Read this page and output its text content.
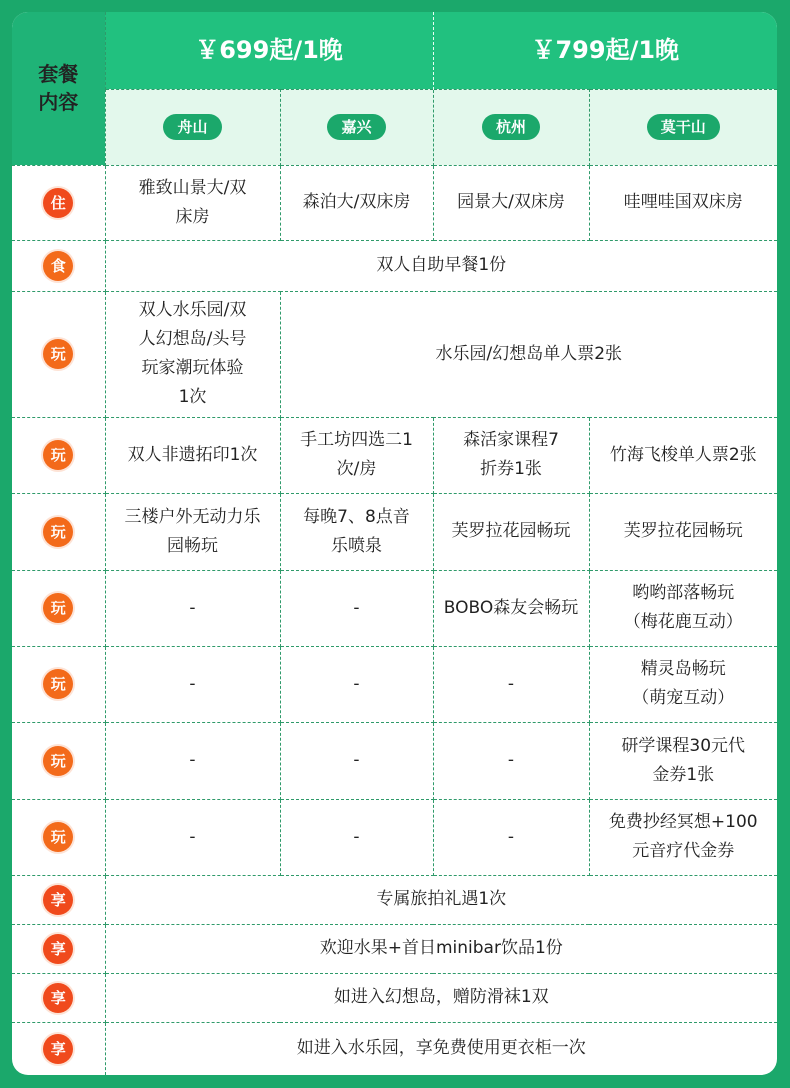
套餐内容	￥699起/1晚		￥799起/1晚	
	舟山	嘉兴	杭州	莫干山
住	雅致山景大/双床房	森泊大/双床房	园景大/双床房	哇哩哇国双床房
食	双人自助早餐1份			
玩	双人水乐园/双人幻想岛/头号玩家潮玩体验1次	水乐园/幻想岛单人票2张		
玩	双人非遗拓印1次	手工坊四选二1次/房	森活家课程7折券1张	竹海飞梭单人票2张
玩	三楼户外无动力乐园畅玩	每晚7、8点音乐喷泉	芙罗拉花园畅玩	芙罗拉花园畅玩
玩	-	-	BOBO森友会畅玩	哟哟部落畅玩（梅花鹿互动）
玩	-	-	-	精灵岛畅玩（萌宠互动）
玩	-	-	-	研学课程30元代金券1张
玩	-	-	-	免费抄经冥想+100元音疗代金券
享	专属旅拍礼遇1次			
享	欢迎水果+首日minibar饮品1份			
享	如进入幻想岛，赠防滑袜1双			
享	如进入水乐园，享免费使用更衣柜一次			
